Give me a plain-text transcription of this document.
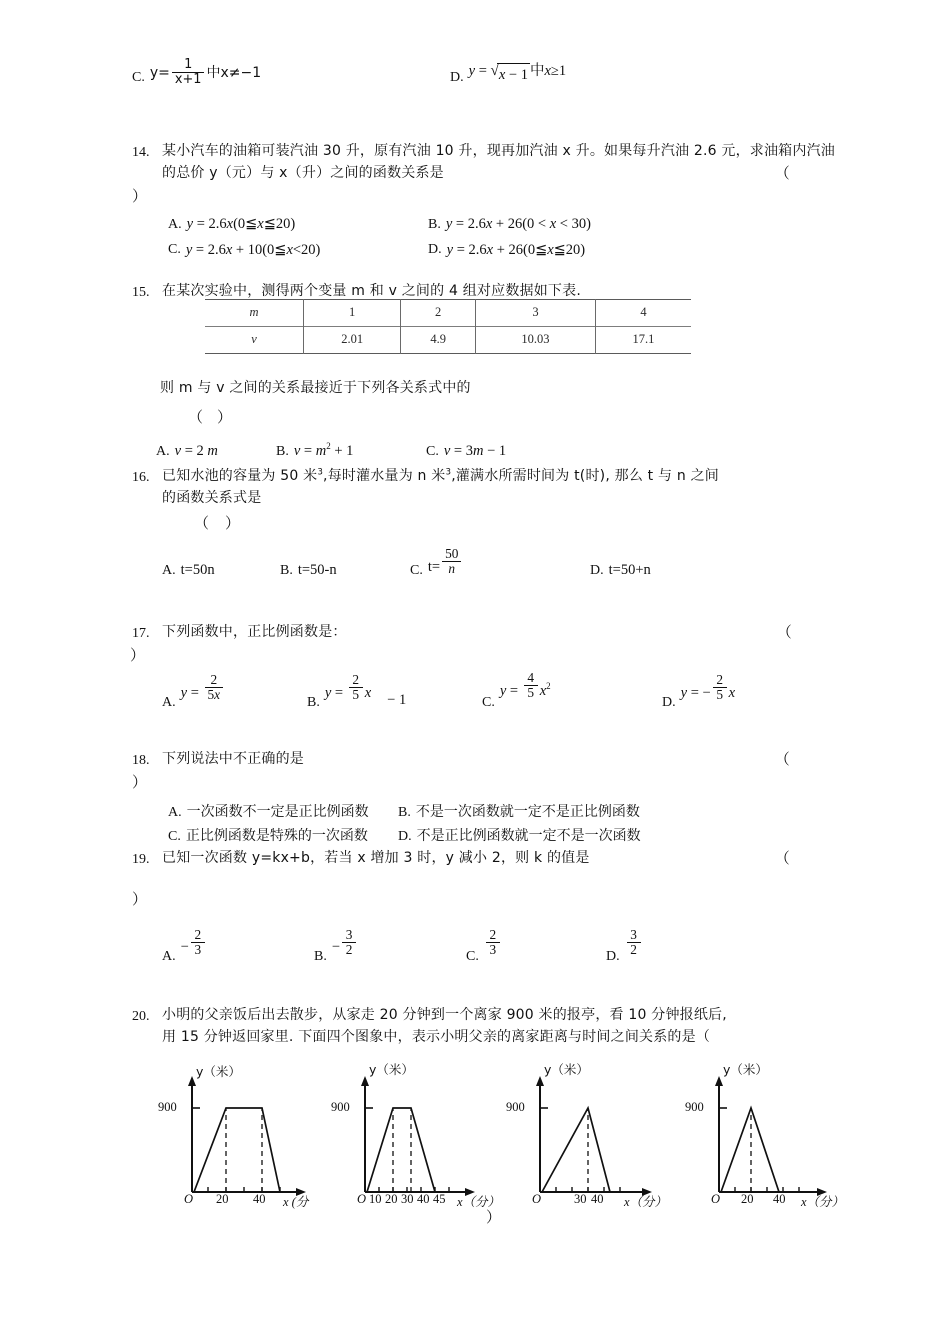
C. $y= \frac{1}{x+1}$ 中x≠−1	D. y = √ x − 1 中x≥1
14. 某小汽车的油箱可装汽油 30 升，原有汽油 10 升，现再加汽油 x 升。如果每升汽油 2.6 元，求油箱内汽油的总价 y（元）与 x（升）之间的函数关系是	（
）
A. y = 2.6x(0≦x≦20)	B. y = 2.6x + 26(0 < x < 30)
C. y = 2.6x + 10(0≦x<20)	D. y = 2.6x + 26(0≦x≦20)
15. 在某次实验中，测得两个变量 m 和 v 之间的 4 组对应数据如下表.
m	1	2	3	4
v	2.01	4.9	10.03	17.1
则 m 与 v 之间的关系最接近于下列各关系式中的
（ ）
A. v = 2 m	B. $v = m^2 + 1$	C. v = 3m − 1
16. 已知水池的容量为 50 米$^3$,每时灌水量为 n 米$^3$,灌满水所需时间为 t(时), 那么 t 与 n 之间
的函数关系式是
（ ）
A. t=50n	B. t=50-n	C. $t= \frac{50}{n}$	D. t=50+n
17. 下列函数中，正比例函数是：	（
）
A.
$y = \frac{2}{5x}$
B.
$y = \frac{2}{5}$ x − 1	C.
$y = \frac{4}{5} x^2$
D.
y = − $\frac{2}{5}$ x
18. 下列说法中不正确的是	（
）
A. 一次函数不一定是正比例函数 B. 不是一次函数就一定不是正比例函数
C. 正比例函数是特殊的一次函数 D. 不是正比例函数就一定不是一次函数
19. 已知一次函数 y=kx+b，若当 x 增加 3 时，y 减小 2，则 k 的值是	（
）
A.
− $\frac{2}{3}$	B.
− $\frac{3}{2}$	C. $\frac{2}{3}$	D. $\frac{3}{2}$
20. 小明的父亲饭后出去散步，从家走 20 分钟到一个离家 900 米的报亭，看 10 分钟报纸后,
用 15 分钟返回家里. 下面四个图象中，表示小明父亲的离家距离与时间之间关系的是（
y（米）
900
O 20 40 x (分
y（米）
900
O 10 20 30 40 45 x（分）
y（米）
900
O	30 40 x（分）
y（米）
900
O 20 40 x（分）
）
